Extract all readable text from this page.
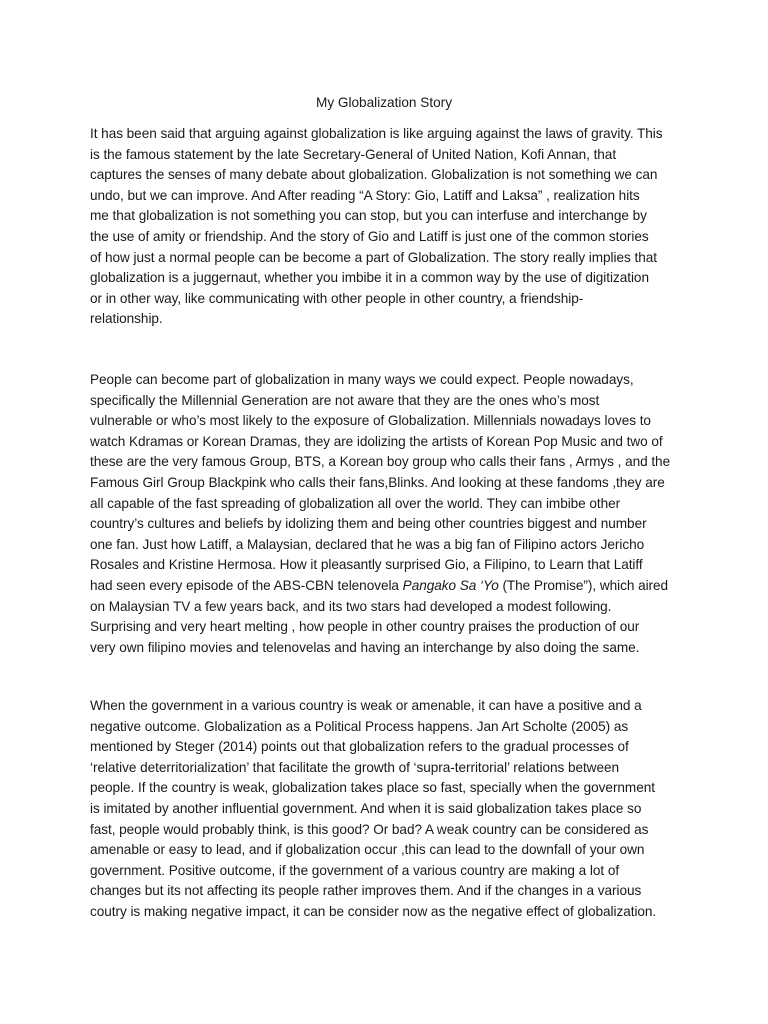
My Globalization Story
It has been said that arguing against globalization is like arguing against the laws of gravity. This
is the famous statement by the late Secretary-General of United Nation, Kofi Annan, that
captures the senses of many debate about globalization. Globalization is not something we can
undo, but we can improve. And After reading “A Story: Gio, Latiff and Laksa” , realization hits
me that globalization is not something you can stop, but you can interfuse and interchange by
the use of amity or friendship. And the story of Gio and Latiff is just one of the common stories
of how just a normal people can be become a part of Globalization. The story really implies that
globalization is a juggernaut, whether you imbibe it in a common way by the use of digitization
or in other way, like communicating with other people in other country, a friendship-
relationship.
People can become part of globalization in many ways we could expect. People nowadays,
specifically the Millennial Generation are not aware that they are the ones who’s most
vulnerable or who’s most likely to the exposure of Globalization. Millennials nowadays loves to
watch Kdramas or Korean Dramas, they are idolizing the artists of Korean Pop Music and two of
these are the very famous Group, BTS, a Korean boy group who calls their fans , Armys , and the
Famous Girl Group Blackpink who calls their fans,Blinks. And looking at these fandoms ,they are
all capable of the fast spreading of globalization all over the world. They can imbibe other
country’s cultures and beliefs by idolizing them and being other countries biggest and number
one fan. Just how Latiff, a Malaysian, declared that he was a big fan of Filipino actors Jericho
Rosales and Kristine Hermosa. How it pleasantly surprised Gio, a Filipino, to Learn that Latiff
had seen every episode of the ABS-CBN telenovela Pangako Sa ‘Yo (The Promise”), which aired
on Malaysian TV a few years back, and its two stars had developed a modest following.
Surprising and very heart melting , how people in other country praises the production of our
very own filipino movies and telenovelas and having an interchange by also doing the same.
When the government in a various country is weak or amenable, it can have a positive and a
negative outcome. Globalization as a Political Process happens. Jan Art Scholte (2005) as
mentioned by Steger (2014) points out that globalization refers to the gradual processes of
‘relative deterritorialization’ that facilitate the growth of ‘supra-territorial’ relations between
people. If the country is weak, globalization takes place so fast, specially when the government
is imitated by another influential government. And when it is said globalization takes place so
fast, people would probably think, is this good? Or bad? A weak country can be considered as
amenable or easy to lead, and if globalization occur ,this can lead to the downfall of your own
government. Positive outcome, if the government of a various country are making a lot of
changes but its not affecting its people rather improves them. And if the changes in a various
coutry is making negative impact, it can be consider now as the negative effect of globalization.
